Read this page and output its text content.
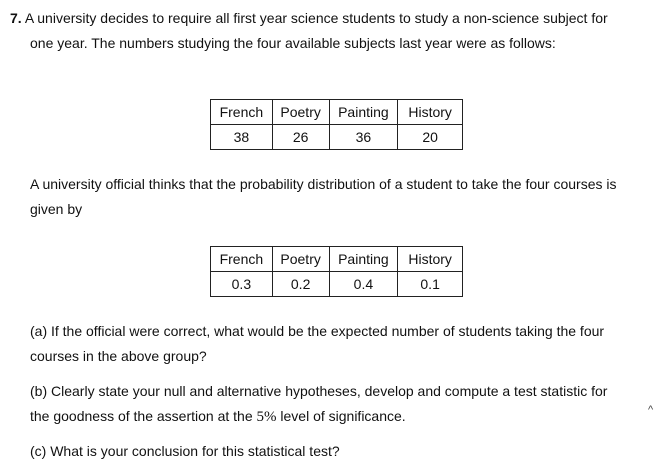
7. A university decides to require all first year science students to study a non-science subject for
one year. The numbers studying the four available subjects last year were as follows:
French	Poetry	Painting	History
38	26	36	20
A university official thinks that the probability distribution of a student to take the four courses is
given by
French	Poetry	Painting	History
0.3	0.2	0.4	0.1
(a) If the official were correct, what would be the expected number of students taking the four
courses in the above group?
(b) Clearly state your null and alternative hypotheses, develop and compute a test statistic for
the goodness of the assertion at the 5% level of significance.
(c) What is your conclusion for this statistical test?
^
